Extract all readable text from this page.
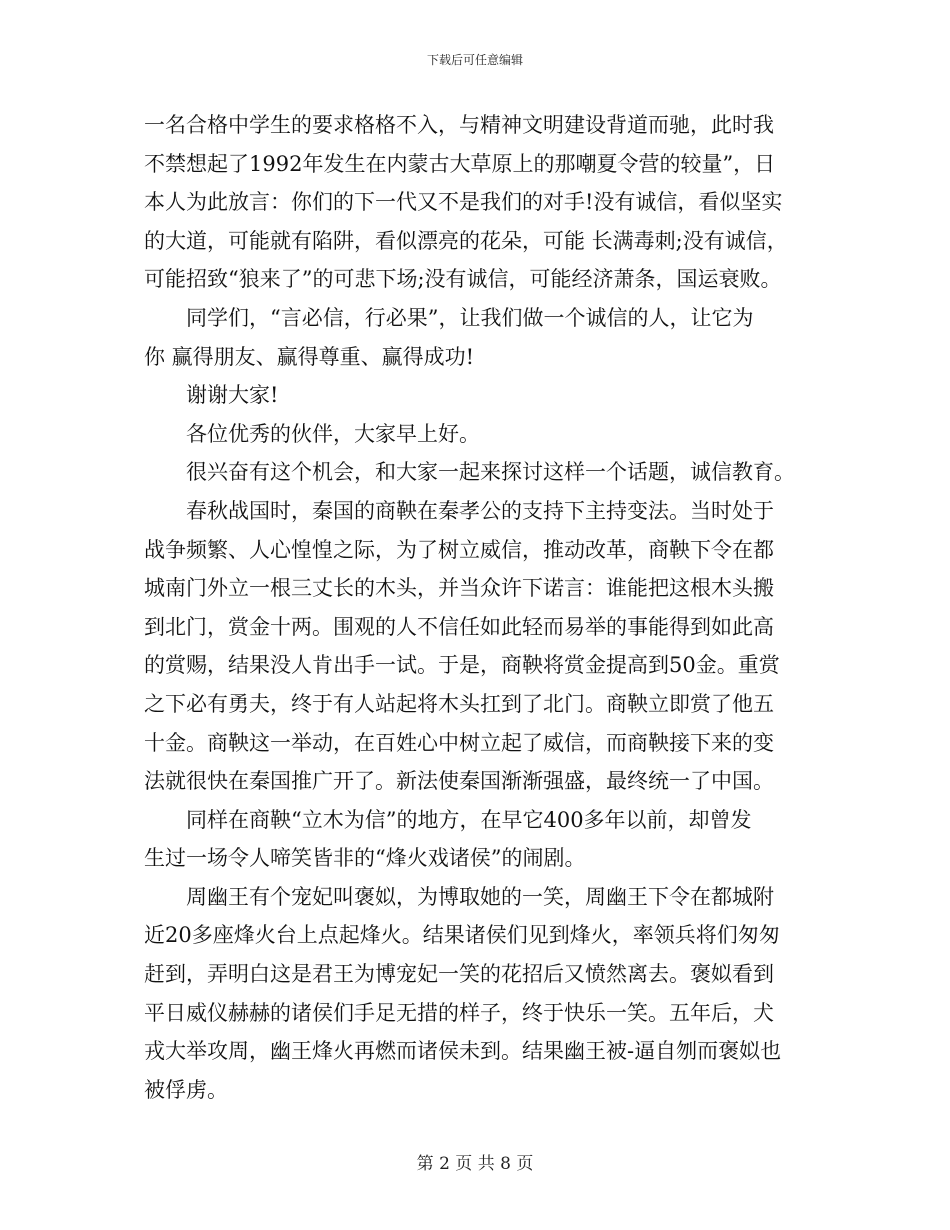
下载后可任意编辑
一名合格中学生的要求格格不入，与精神文明建设背道而驰，此时我
不禁想起了1992年发生在内蒙古大草原上的那嘲夏令营的较量”，日
本人为此放言：你们的下一代又不是我们的对手!没有诚信，看似坚实
的大道，可能就有陷阱，看似漂亮的花朵，可能 长满毒刺;没有诚信，
可能招致“狼来了”的可悲下场;没有诚信，可能经济萧条，国运衰败。
　　同学们，“言必信，行必果”，让我们做一个诚信的人，让它为
你 赢得朋友、赢得尊重、赢得成功!
　　谢谢大家!
　　各位优秀的伙伴，大家早上好。
　　很兴奋有这个机会，和大家一起来探讨这样一个话题，诚信教育。
　　春秋战国时，秦国的商鞅在秦孝公的支持下主持变法。当时处于
战争频繁、人心惶惶之际，为了树立威信，推动改革，商鞅下令在都
城南门外立一根三丈长的木头，并当众许下诺言：谁能把这根木头搬
到北门，赏金十两。围观的人不信任如此轻而易举的事能得到如此高
的赏赐，结果没人肯出手一试。于是，商鞅将赏金提高到50金。重赏
之下必有勇夫，终于有人站起将木头扛到了北门。商鞅立即赏了他五
十金。商鞅这一举动，在百姓心中树立起了威信，而商鞅接下来的变
法就很快在秦国推广开了。新法使秦国渐渐强盛，最终统一了中国。
　　同样在商鞅“立木为信”的地方，在早它400多年以前，却曾发
生过一场令人啼笑皆非的“烽火戏诸侯”的闹剧。
　　周幽王有个宠妃叫褒姒，为博取她的一笑，周幽王下令在都城附
近20多座烽火台上点起烽火。结果诸侯们见到烽火，率领兵将们匆匆
赶到，弄明白这是君王为博宠妃一笑的花招后又愤然离去。褒姒看到
平日威仪赫赫的诸侯们手足无措的样子，终于快乐一笑。五年后，犬
戎大举攻周，幽王烽火再燃而诸侯未到。结果幽王被-逼自刎而褒姒也
被俘虏。
第 2 页 共 8 页
